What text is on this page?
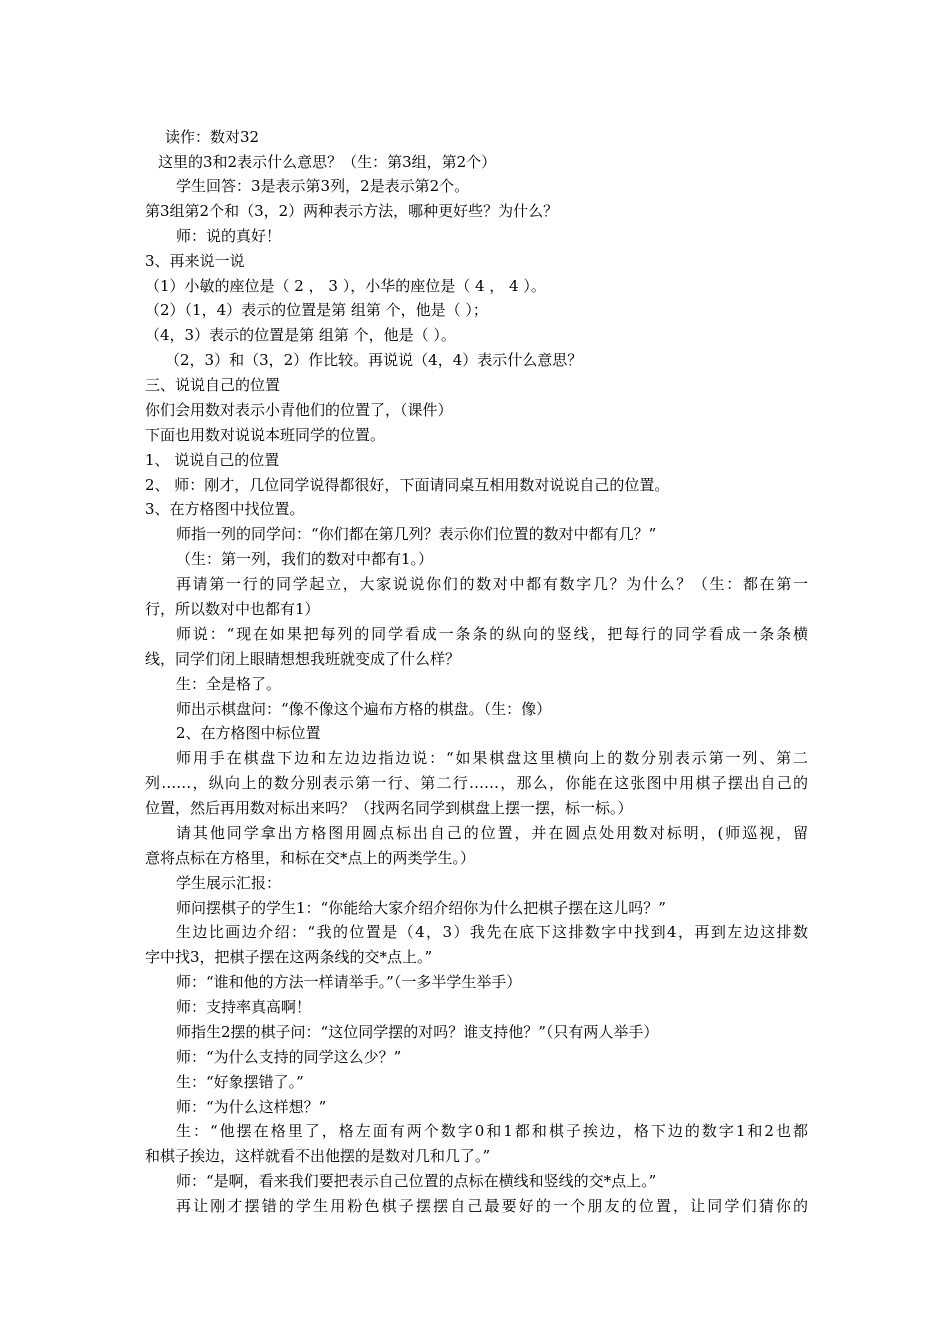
读作：数对32
这里的3和2表示什么意思？（生：第3组，第2个）
学生回答：3是表示第3列，2是表示第2个。
第3组第2个和（3，2）两种表示方法，哪种更好些？为什么？
师：说的真好！
3、再来说一说
（1）小敏的座位是（ 2 ， 3 ），小华的座位是（ 4 ， 4 ）。
（2）（1，4）表示的位置是第 组第 个，他是（ ）；
（4，3）表示的位置是第 组第 个，他是（ ）。
（2，3）和（3，2）作比较。再说说（4，4）表示什么意思？
三、说说自己的位置
你们会用数对表示小青他们的位置了，（课件）
下面也用数对说说本班同学的位置。
1、 说说自己的位置
2、 师：刚才，几位同学说得都很好，下面请同桌互相用数对说说自己的位置。
3、在方格图中找位置。
师指一列的同学问：“你们都在第几列？表示你们位置的数对中都有几？”
（生：第一列，我们的数对中都有1。）
再请第一行的同学起立，大家说说你们的数对中都有数字几？为什么？（生：都在第一
行，所以数对中也都有1）
师说：“现在如果把每列的同学看成一条条的纵向的竖线，把每行的同学看成一条条横
线，同学们闭上眼睛想想我班就变成了什么样？
生：全是格了。
师出示棋盘问：“像不像这个遍布方格的棋盘。（生：像）
2、在方格图中标位置
师用手在棋盘下边和左边边指边说：“如果棋盘这里横向上的数分别表示第一列、第二
列……，纵向上的数分别表示第一行、第二行……，那么，你能在这张图中用棋子摆出自己的
位置，然后再用数对标出来吗？（找两名同学到棋盘上摆一摆，标一标。）
请其他同学拿出方格图用圆点标出自己的位置，并在圆点处用数对标明，(师巡视，留
意将点标在方格里，和标在交*点上的两类学生。）
学生展示汇报：
师问摆棋子的学生1：“你能给大家介绍介绍你为什么把棋子摆在这儿吗？”
生边比画边介绍：“我的位置是（4，3）我先在底下这排数字中找到4，再到左边这排数
字中找3，把棋子摆在这两条线的交*点上。”
师：“谁和他的方法一样请举手。”（一多半学生举手）
师：支持率真高啊！
师指生2摆的棋子问：“这位同学摆的对吗？谁支持他？”（只有两人举手）
师：“为什么支持的同学这么少？”
生：“好象摆错了。”
师：“为什么这样想？”
生：“他摆在格里了，格左面有两个数字0和1都和棋子挨边，格下边的数字1和2也都
和棋子挨边，这样就看不出他摆的是数对几和几了。”
师：“是啊，看来我们要把表示自己位置的点标在横线和竖线的交*点上。”
再让刚才摆错的学生用粉色棋子摆摆自己最要好的一个朋友的位置，让同学们猜你的
